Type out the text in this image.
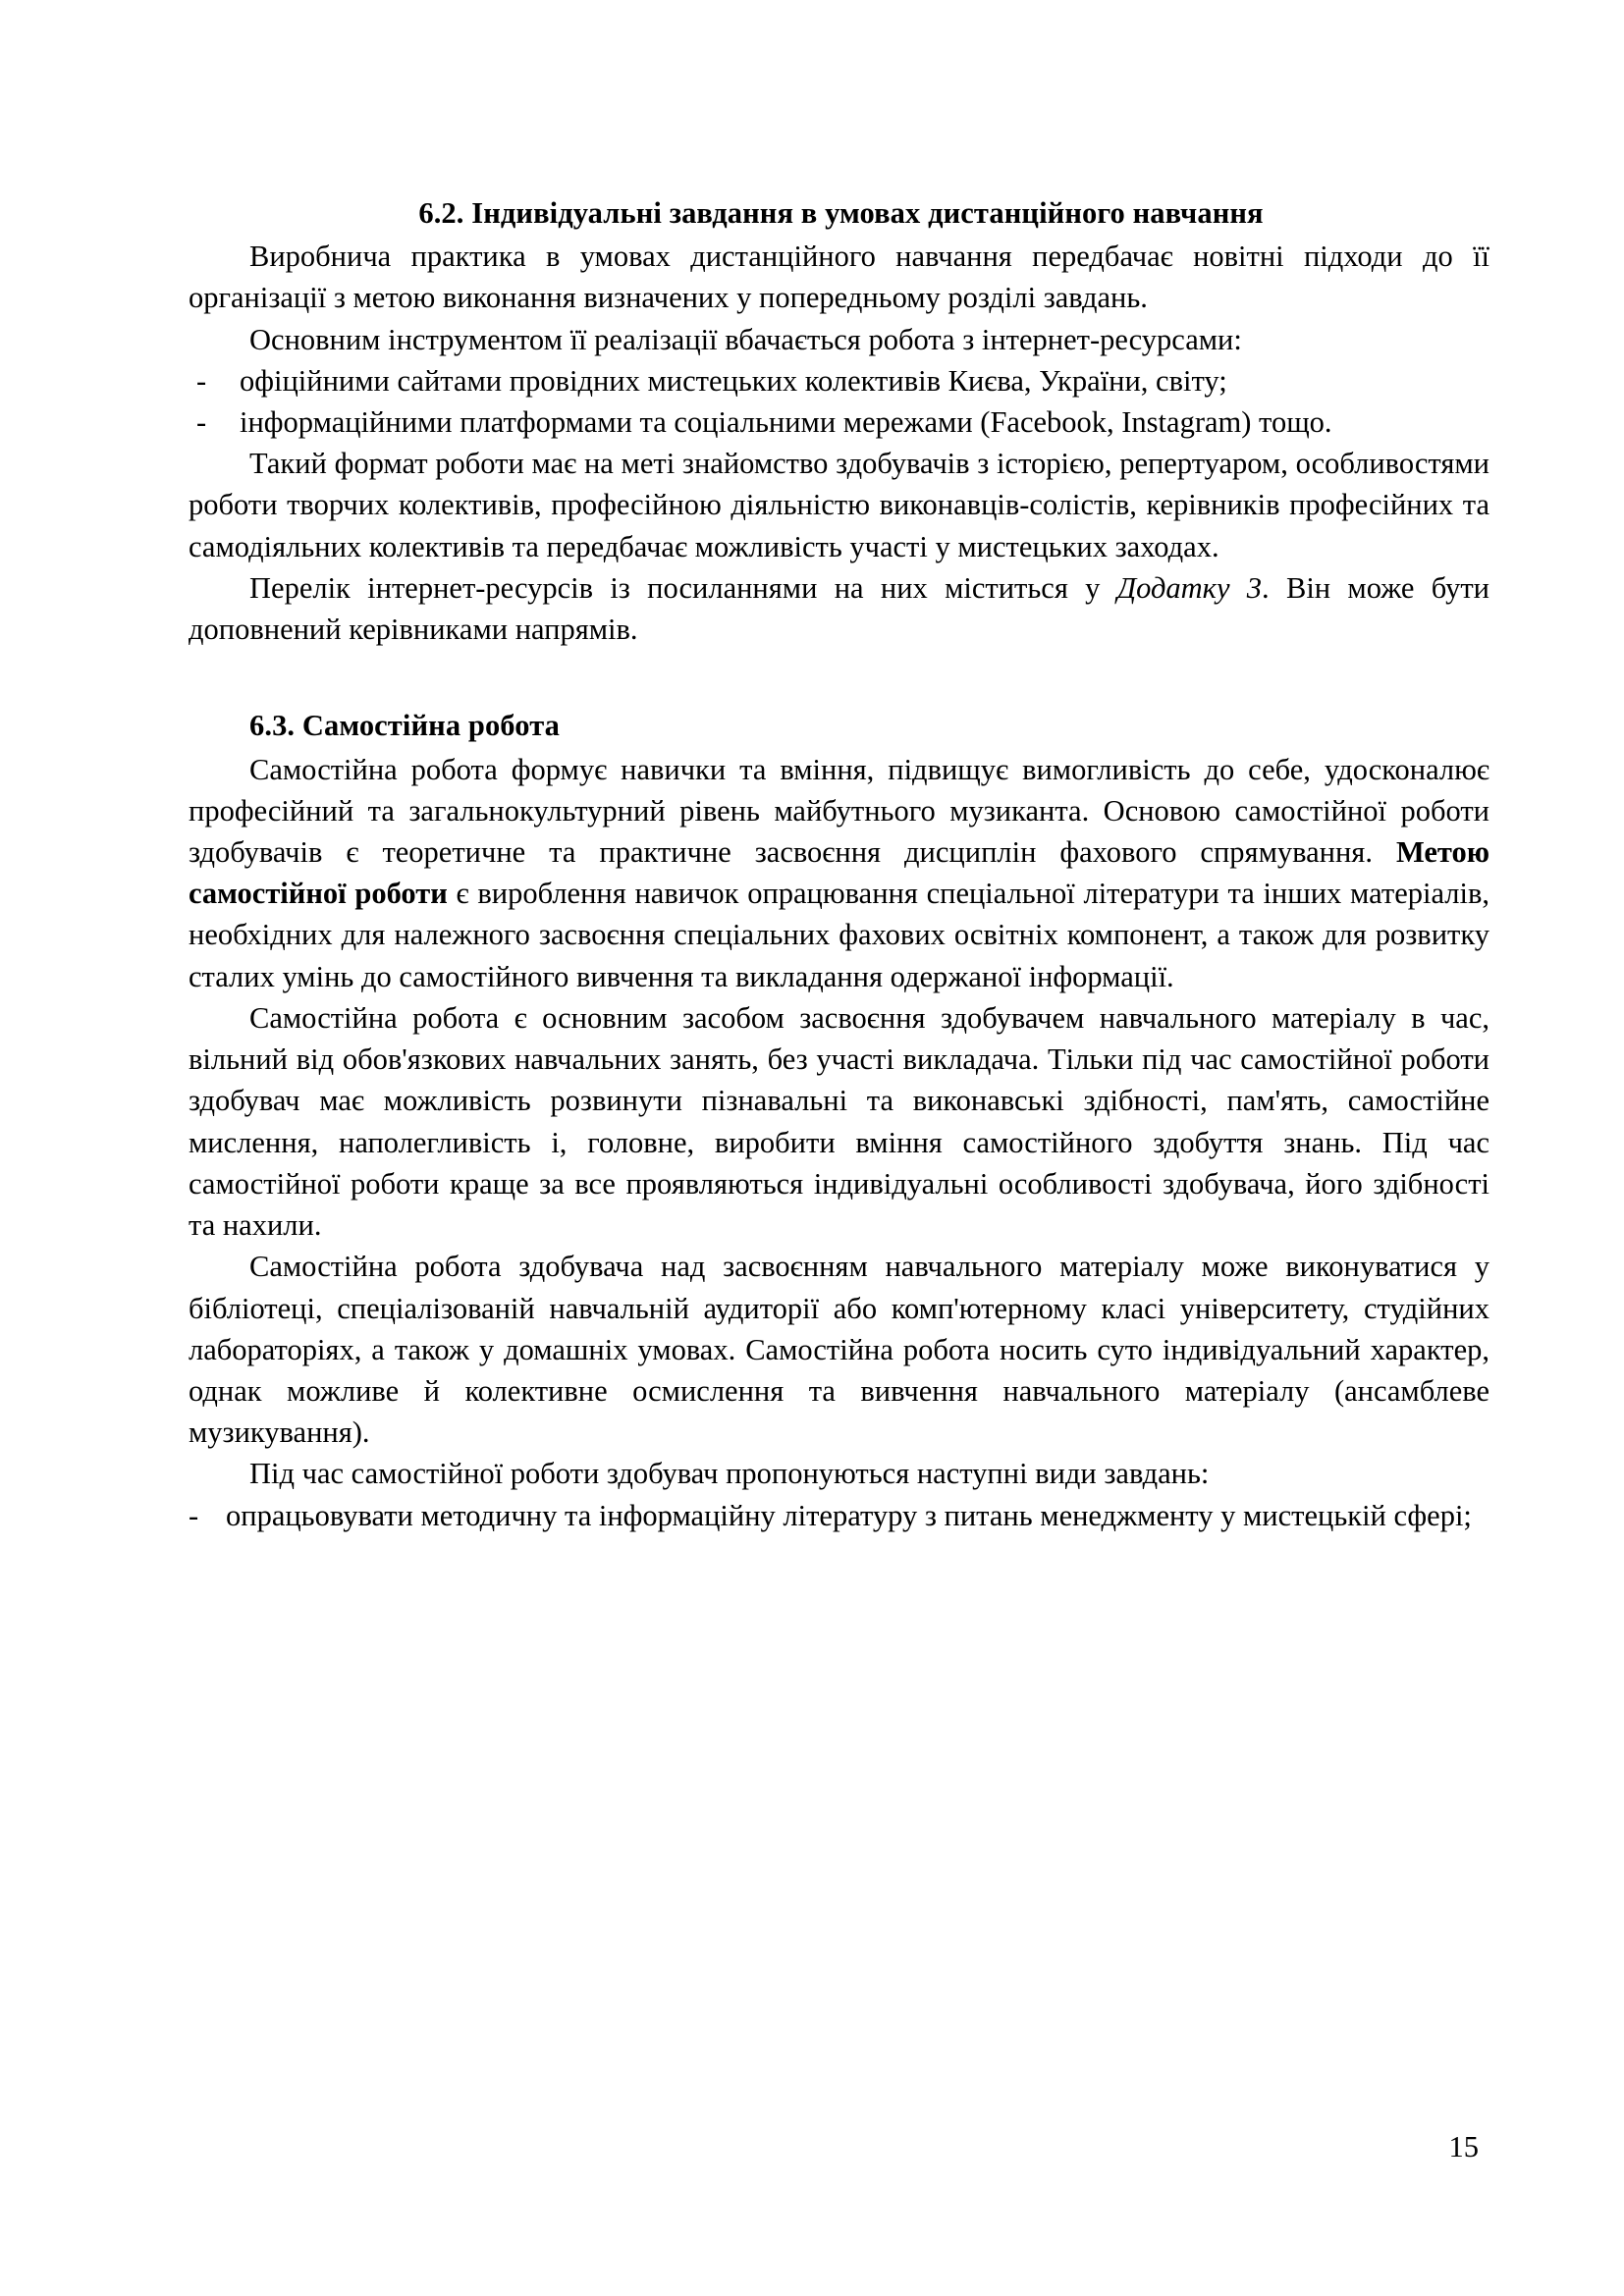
6.2. Індивідуальні завдання в умовах дистанційного навчання

Виробнича практика в умовах дистанційного навчання передбачає новітні підходи до її організації з метою виконання визначених у попередньому розділі завдань.

Основним інструментом її реалізації вбачається робота з інтернет-ресурсами:

- офіційними сайтами провідних мистецьких колективів Києва, України, світу;
- інформаційними платформами та соціальними мережами (Facebook, Instagram) тощо.

Такий формат роботи має на меті знайомство здобувачів з історією, репертуаром, особливостями роботи творчих колективів, професійною діяльністю виконавців-солістів, керівників професійних та самодіяльних колективів та передбачає можливість участі у мистецьких заходах.

Перелік інтернет-ресурсів із посиланнями на них міститься у Додатку 3. Він може бути доповнений керівниками напрямів.

6.3. Самостійна робота

Самостійна робота формує навички та вміння, підвищує вимогливість до себе, удосконалює професійний та загальнокультурний рівень майбутнього музиканта. Основою самостійної роботи здобувачів є теоретичне та практичне засвоєння дисциплін фахового спрямування. Метою самостійної роботи є вироблення навичок опрацювання спеціальної літератури та інших матеріалів, необхідних для належного засвоєння спеціальних фахових освітніх компонент, а також для розвитку сталих умінь до самостійного вивчення та викладання одержаної інформації.

Самостійна робота є основним засобом засвоєння здобувачем навчального матеріалу в час, вільний від обов'язкових навчальних занять, без участі викладача. Тільки під час самостійної роботи здобувач має можливість розвинути пізнавальні та виконавські здібності, пам'ять, самостійне мислення, наполегливість і, головне, виробити вміння самостійного здобуття знань. Під час самостійної роботи краще за все проявляються індивідуальні особливості здобувача, його здібності та нахили.

Самостійна робота здобувача над засвоєнням навчального матеріалу може виконуватися у бібліотеці, спеціалізованій навчальній аудиторії або комп'ютерному класі університету, студійних лабораторіях, а також у домашніх умовах. Самостійна робота носить суто індивідуальний характер, однак можливе й колективне осмислення та вивчення навчального матеріалу (ансамблеве музикування).

Під час самостійної роботи здобувач пропонуються наступні види завдань:

- опрацьовувати методичну та інформаційну літературу з питань менеджменту у мистецькій сфері;
15
